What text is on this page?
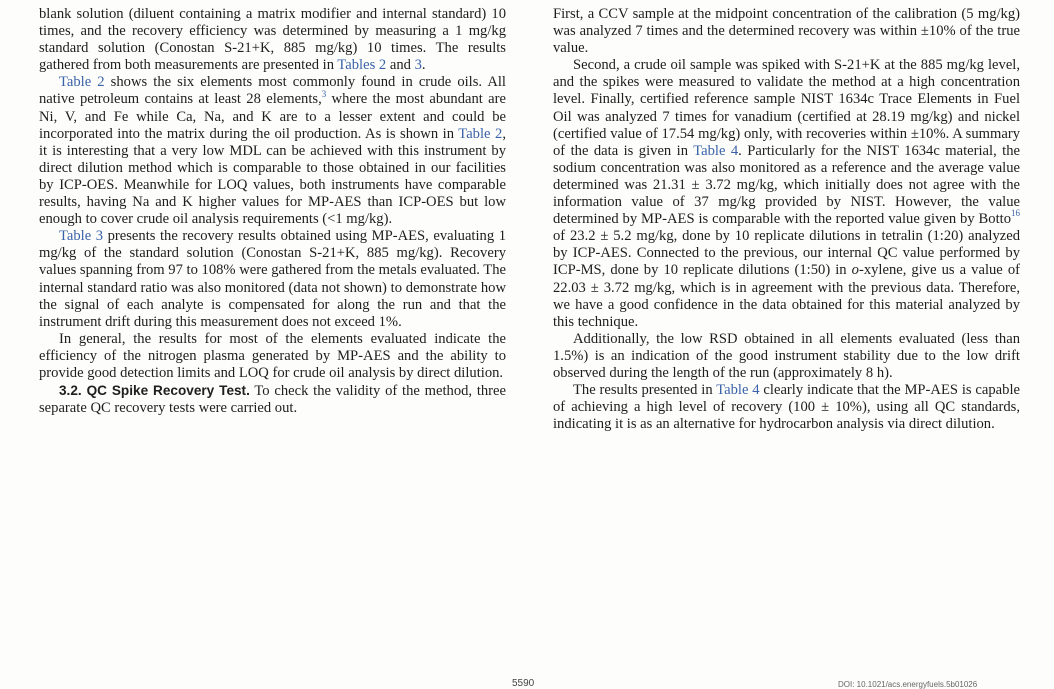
blank solution (diluent containing a matrix modifier and internal standard) 10 times, and the recovery efficiency was determined by measuring a 1 mg/kg standard solution (Conostan S-21+K, 885 mg/kg) 10 times. The results gathered from both measurements are presented in Tables 2 and 3.

Table 2 shows the six elements most commonly found in crude oils. All native petroleum contains at least 28 elements,$^3$ where the most abundant are Ni, V, and Fe while Ca, Na, and K are to a lesser extent and could be incorporated into the matrix during the oil production. As is shown in Table 2, it is interesting that a very low MDL can be achieved with this instrument by direct dilution method which is comparable to those obtained in our facilities by ICP-OES. Meanwhile for LOQ values, both instruments have comparable results, having Na and K higher values for MP-AES than ICP-OES but low enough to cover crude oil analysis requirements (<1 mg/kg).

Table 3 presents the recovery results obtained using MP-AES, evaluating 1 mg/kg of the standard solution (Conostan S-21+K, 885 mg/kg). Recovery values spanning from 97 to 108% were gathered from the metals evaluated. The internal standard ratio was also monitored (data not shown) to demonstrate how the signal of each analyte is compensated for along the run and that the instrument drift during this measurement does not exceed 1%.

In general, the results for most of the elements evaluated indicate the efficiency of the nitrogen plasma generated by MP-AES and the ability to provide good detection limits and LOQ for crude oil analysis by direct dilution.

3.2. QC Spike Recovery Test. To check the validity of the method, three separate QC recovery tests were carried out.

First, a CCV sample at the midpoint concentration of the calibration (5 mg/kg) was analyzed 7 times and the determined recovery was within ±10% of the true value.

Second, a crude oil sample was spiked with S-21+K at the 885 mg/kg level, and the spikes were measured to validate the method at a high concentration level. Finally, certified reference sample NIST 1634c Trace Elements in Fuel Oil was analyzed 7 times for vanadium (certified at 28.19 mg/kg) and nickel (certified value of 17.54 mg/kg) only, with recoveries within ±10%. A summary of the data is given in Table 4. Particularly for the NIST 1634c material, the sodium concentration was also monitored as a reference and the average value determined was 21.31 ± 3.72 mg/kg, which initially does not agree with the information value of 37 mg/kg provided by NIST. However, the value determined by MP-AES is comparable with the reported value given by Botto$^{16}$ of 23.2 ± 5.2 mg/kg, done by 10 replicate dilutions in tetralin (1:20) analyzed by ICP-AES. Connected to the previous, our internal QC value performed by ICP-MS, done by 10 replicate dilutions (1:50) in o-xylene, give us a value of 22.03 ± 3.72 mg/kg, which is in agreement with the previous data. Therefore, we have a good confidence in the data obtained for this material analyzed by this technique.

Additionally, the low RSD obtained in all elements evaluated (less than 1.5%) is an indication of the good instrument stability due to the low drift observed during the length of the run (approximately 8 h).

The results presented in Table 4 clearly indicate that the MP-AES is capable of achieving a high level of recovery (100 ± 10%), using all QC standards, indicating it is as an alternative for hydrocarbon analysis via direct dilution.

5590	DOI: 10.1021/acs.energyfuels.5b01026
